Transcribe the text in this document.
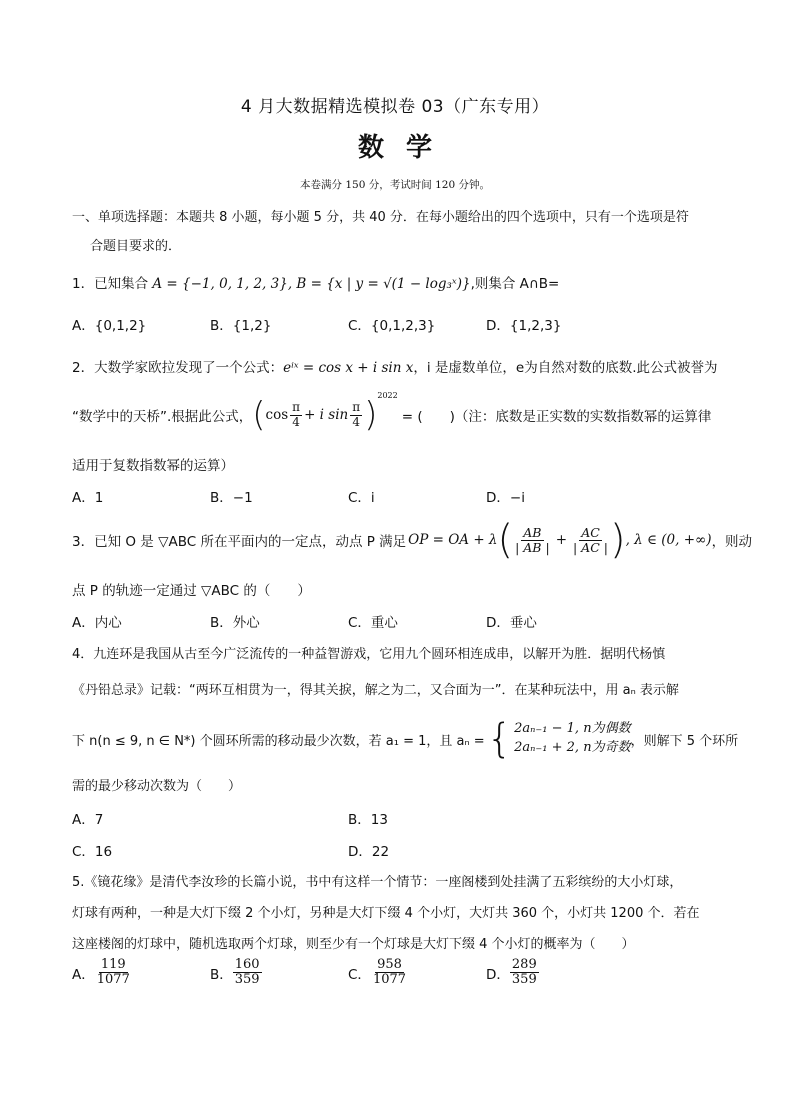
4 月大数据精选模拟卷 03（广东专用）
数学
本卷满分 150 分，考试时间 120 分钟。
一、单项选择题：本题共 8 小题，每小题 5 分，共 40 分．在每小题给出的四个选项中，只有一个选项是符
合题目要求的．
1．已知集合 A = {−1, 0, 1, 2, 3}, B = {x | y = √(1 − log₃ˣ)},则集合 A∩B=
A．{0,1,2}	B．{1,2}	C．{0,1,2,3}	D．{1,2,3}
2．大数学家欧拉发现了一个公式：eⁱˣ = cos x + i sin x，i 是虚数单位，e为自然对数的底数.此公式被誉为
“数学中的天桥”.根据此公式， ( $\cos \frac{\pi}{4} + i$ $\sin \frac{\pi}{4}$ ) 2022
= (　　)（注：底数是正实数的实数指数幂的运算律
适用于复数指数幂的运算）
A．1	B．−1	C．i	D．−i
3．已知 O 是 ▽ABC 所在平面内的一定点，动点 P 满足 OP = OA + λ ( $\frac{AB}{| AB |} + \frac{AC}{| AC |}$ ) , λ ∈ (0, +∞) ，则动
点 P 的轨迹一定通过 ▽ABC 的（　　）
A．内心	B．外心	C．重心	D．垂心
4．九连环是我国从古至今广泛流传的一种益智游戏，它用九个圆环相连成串，以解开为胜．据明代杨慎
《丹铅总录》记载：“两环互相贯为一，得其关捩，解之为二，又合面为一”．在某种玩法中，用 aₙ 表示解
下 n(n ≤ 9, n ∈ N*) 个圆环所需的移动最少次数，若 a₁ = 1，且 aₙ = { 2aₙ₋₁ − 1, n为偶数
2aₙ₋₁ + 2, n为奇数 ，则解下 5 个环所
需的最少移动次数为（　　）
A．7	B．13
C．16	D．22
5.《镜花缘》是清代李汝珍的长篇小说，书中有这样一个情节：一座阁楼到处挂满了五彩缤纷的大小灯球，
灯球有两种，一种是大灯下缀 2 个小灯，另种是大灯下缀 4 个小灯，大灯共 360 个，小灯共 1200 个．若在
这座楼阁的灯球中，随机选取两个灯球，则至少有一个灯球是大灯下缀 4 个小灯的概率为（　　）
A． $\frac{119}{1077}$	B． $\frac{160}{359}$	C． $\frac{958}{1077}$	D． $\frac{289}{359}$
